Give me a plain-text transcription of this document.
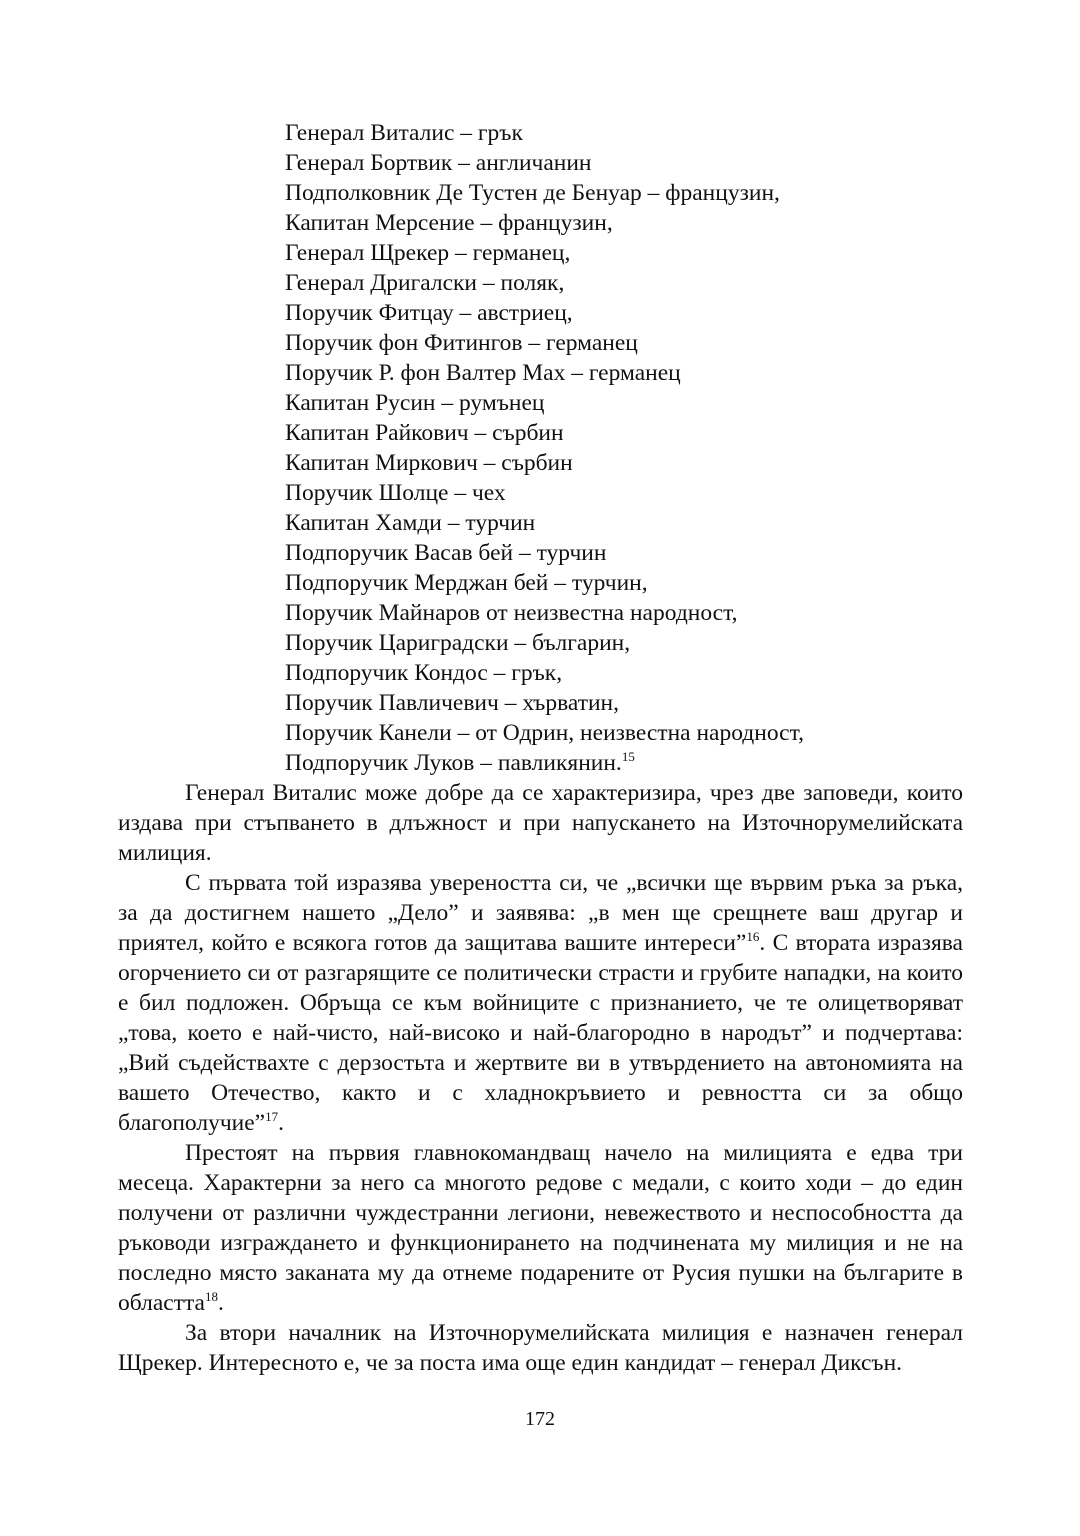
Генерал Виталис – грък
Генерал Бортвик – англичанин
Подполковник Де Тустен де Бенуар – французин,
Капитан Мерсение – французин,
Генерал Щрекер – германец,
Генерал Дригалски – поляк,
Поручик Фитцау – австриец,
Поручик фон Фитингов – германец
Поручик Р. фон Валтер Мах – германец
Капитан Русин – румънец
Капитан Райкович – сърбин
Капитан Миркович – сърбин
Поручик Шолце – чех
Капитан Хамди – турчин
Подпоручик Васав бей – турчин
Подпоручик Мерджан бей – турчин,
Поручик Майнаров от неизвестна народност,
Поручик Цариградски – българин,
Подпоручик Кондос – грък,
Поручик Павличевич – хърватин,
Поручик Канели – от Одрин, неизвестна народност,
Подпоручик Луков – павликянин.$^{15}$

Генерал Виталис може добре да се характеризира, чрез две заповеди, които издава при стъпването в длъжност и при напускането на Източнорумелийската милиция.

С първата той изразява увереността си, че „всички ще вървим ръка за ръка, за да достигнем нашето „Дело” и заявява: „в мен ще срещнете ваш другар и приятел, който е всякога готов да защитава вашите интереси”$^{16}$. С втората изразява огорчението си от разгарящите се политически страсти и грубите нападки, на които е бил подложен. Обръща се към войниците с признанието, че те олицетворяват „това, което е най-чисто, най-високо и най-благородно в народът” и подчертава: „Вий съдействахте с дерзостьта и жертвите ви в утвърдението на автономията на вашето Отечество, както и с хладнокръвието и ревността си за общо благополучие”$^{17}$.

Престоят на първия главнокомандващ начело на милицията е едва три месеца. Характерни за него са многото редове с медали, с които ходи – до един получени от различни чуждестранни легиони, невежеството и неспособността да ръководи изграждането и функционирането на подчинената му милиция и не на последно място заканата му да отнеме подарените от Русия пушки на българите в областта$^{18}$.

За втори началник на Източнорумелийската милиция е назначен генерал Щрекер. Интересното е, че за поста има още един кандидат – генерал Диксън.

172
